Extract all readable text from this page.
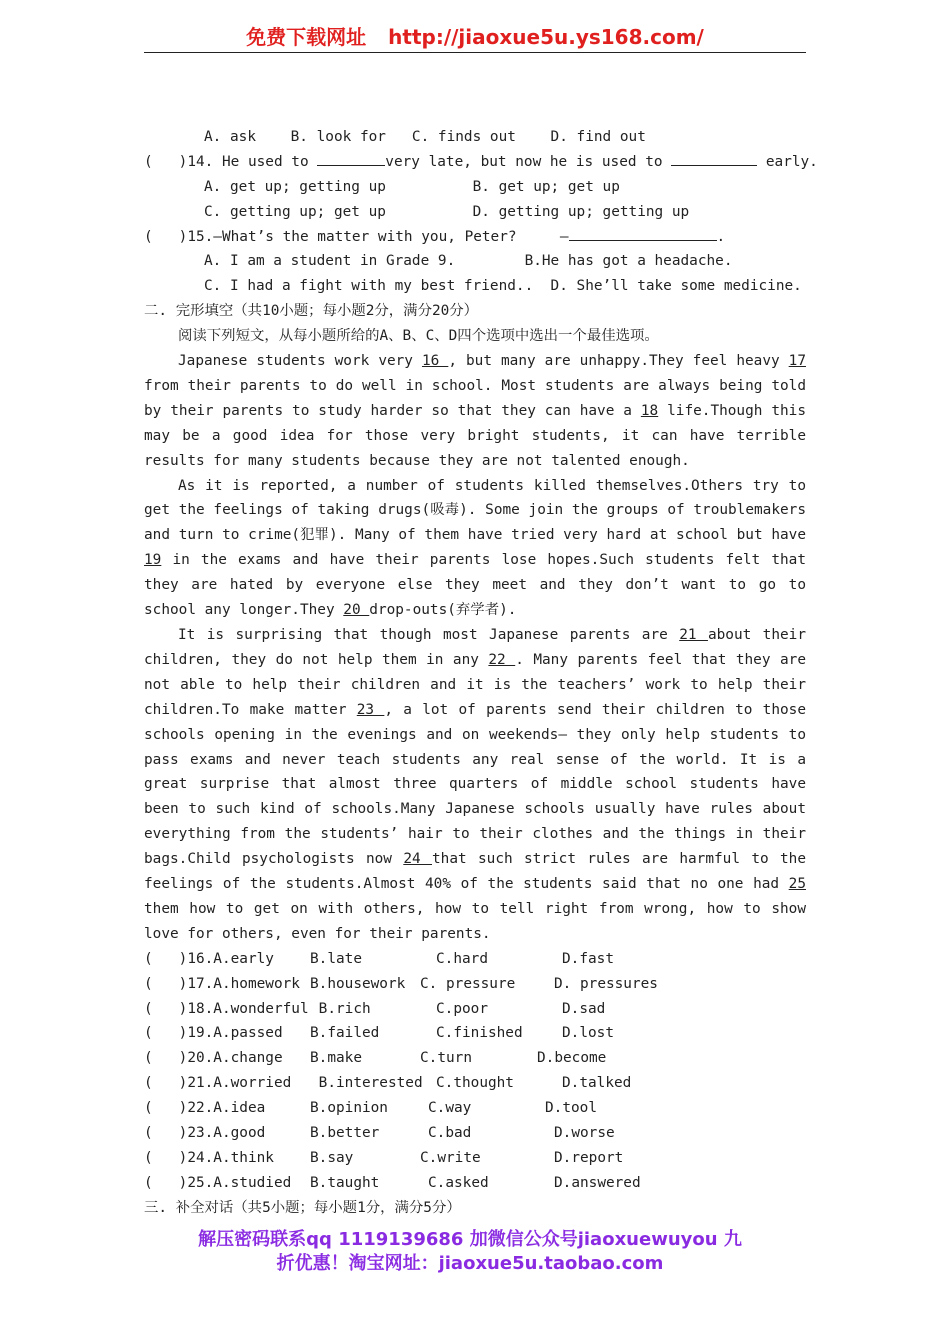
免费下载网址 http://jiaoxue5u.ys168.com/
A. ask    B. look for   C. finds out    D. find out
(   )14. He used to	very late, but now he is used to	early.
A. get up; getting up          B. get up; get up
C. getting up; get up          D. getting up; getting up
(   )15.—What’s the matter with you, Peter?     —	.
A. I am a student in Grade 9.        B.He has got a headache.
C. I had a fight with my best friend..  D. She’ll take some medicine.
二. 完形填空（共10小题；每小题2分，满分20分）
阅读下列短文，从每小题所给的A、B、C、D四个选项中选出一个最佳选项。
Japanese students work very 16 , but many are unhappy.They feel heavy 17 from their parents to do well in school. Most students are always being told by their parents to study harder so that they can have a 18 life.Though this may be a good idea for those very bright students, it can have terrible results for many students because they are not talented enough.
As it is reported, a number of students killed themselves.Others try to get the feelings of taking drugs(吸毒). Some join the groups of troublemakers and turn to crime(犯罪). Many of them have tried very hard at school but have 19 in the exams and have their parents lose hopes.Such students felt that they are hated by everyone else they meet and they don’t want to go to school any longer.They 20 drop-outs(弃学者).
It is surprising that though most Japanese parents are 21 about their children, they do not help them in any 22 . Many parents feel that they are not able to help their children and it is the teachers’ work to help their children.To make matter 23 , a lot of parents send their children to those schools opening in the evenings and on weekends— they only help students to pass exams and never teach students any real sense of the world. It is a great surprise that almost three quarters of middle school students have been to such kind of schools.Many Japanese schools usually have rules about everything from the students’ hair to their clothes and the things in their bags.Child psychologists now 24 that such strict rules are harmful to the feelings of the students.Almost 40% of the students said that no one had 25 them how to get on with others, how to tell right from wrong, how to show love for others, even for their parents.
(   )16.A.early	B.late	C.hard	D.fast
(   )17.A.homework B.housework C. pressure	D. pressures
(   )18.A.wonderful B.rich	C.poor	D.sad
(   )19.A.passed B.failed	C.finished	D.lost
(   )20.A.change B.make	C.turn	D.become
(   )21.A.worried B.interested C.thought	D.talked
(   )22.A.idea	B.opinion	C.way	D.tool
(   )23.A.good	B.better	C.bad	D.worse
(   )24.A.think	B.say	C.write	D.report
(   )25.A.studied B.taught	C.asked	D.answered
三. 补全对话（共5小题；每小题1分，满分5分）
解压密码联系qq 1119139686 加微信公众号jiaoxuewuyou 九
折优惠！淘宝网址：jiaoxue5u.taobao.com
